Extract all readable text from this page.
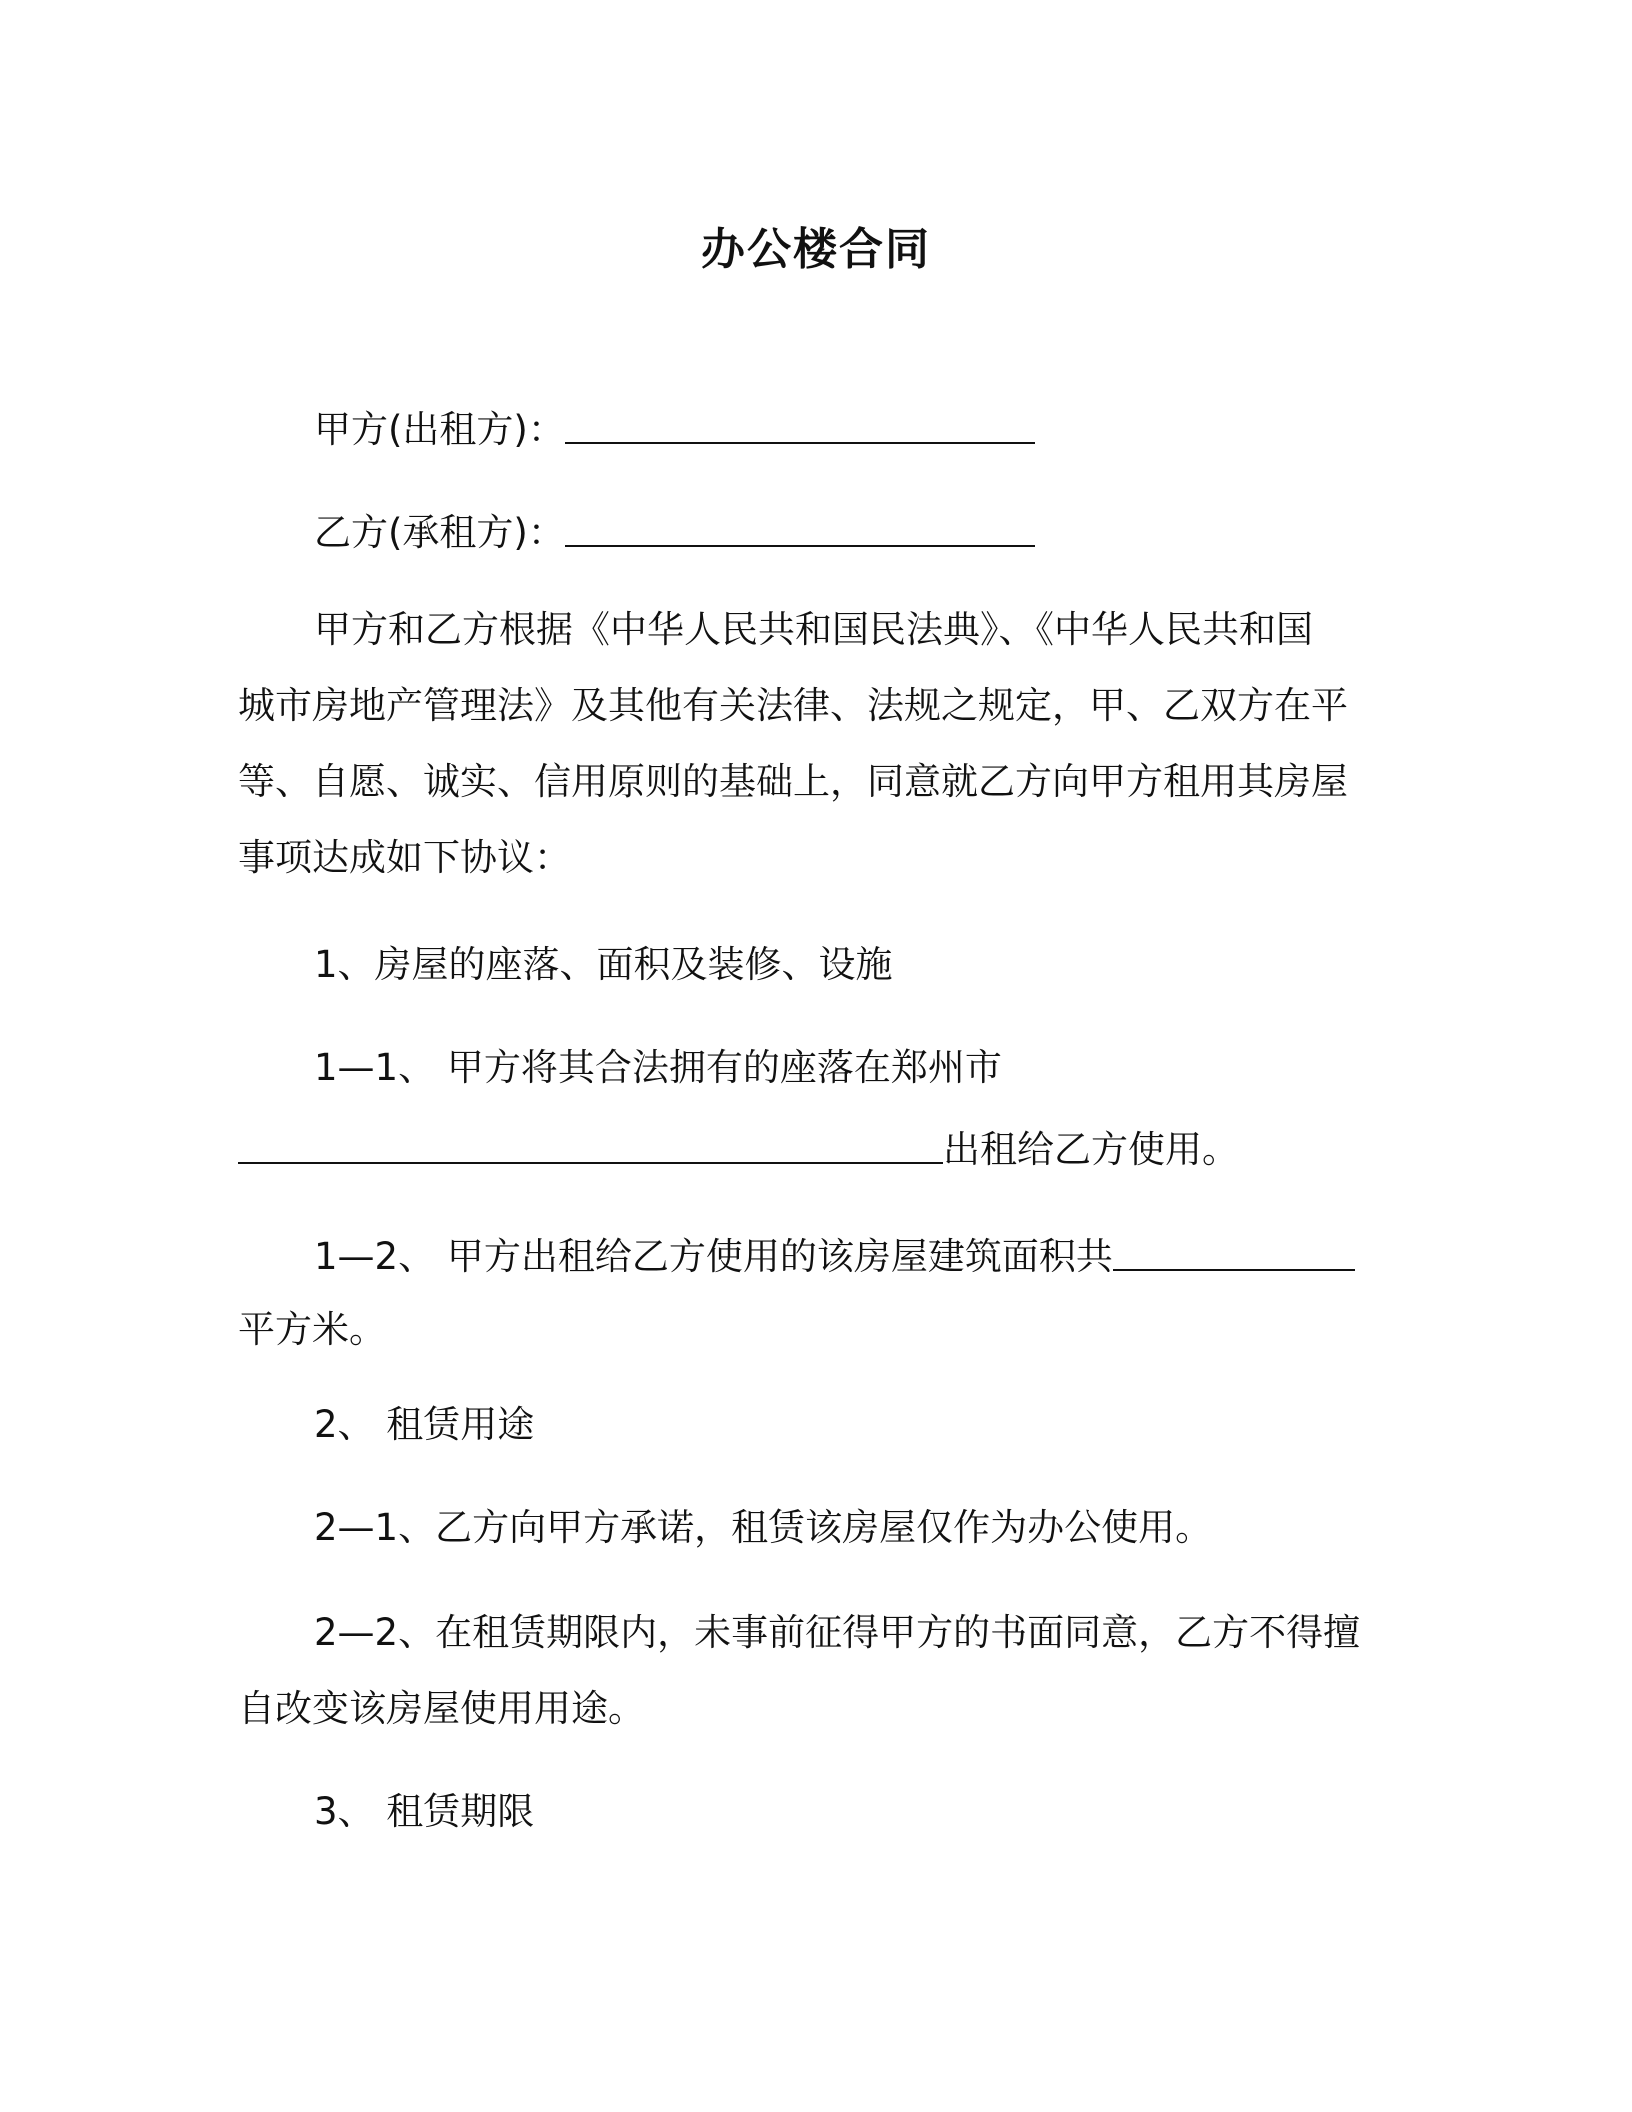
办公楼合同
甲方(出租方)：
乙方(承租方)：
甲方和乙方根据《中华人民共和国民法典》、《中华人民共和国
城市房地产管理法》及其他有关法律、法规之规定，甲、乙双方在平
等、自愿、诚实、信用原则的基础上，同意就乙方向甲方租用其房屋
事项达成如下协议：
1、房屋的座落、面积及装修、设施
1—1、 甲方将其合法拥有的座落在郑州市
出租给乙方使用。
1—2、 甲方出租给乙方使用的该房屋建筑面积共
平方米。
2、 租赁用途
2—1、乙方向甲方承诺，租赁该房屋仅作为办公使用。
2—2、在租赁期限内，未事前征得甲方的书面同意，乙方不得擅
自改变该房屋使用用途。
3、 租赁期限
